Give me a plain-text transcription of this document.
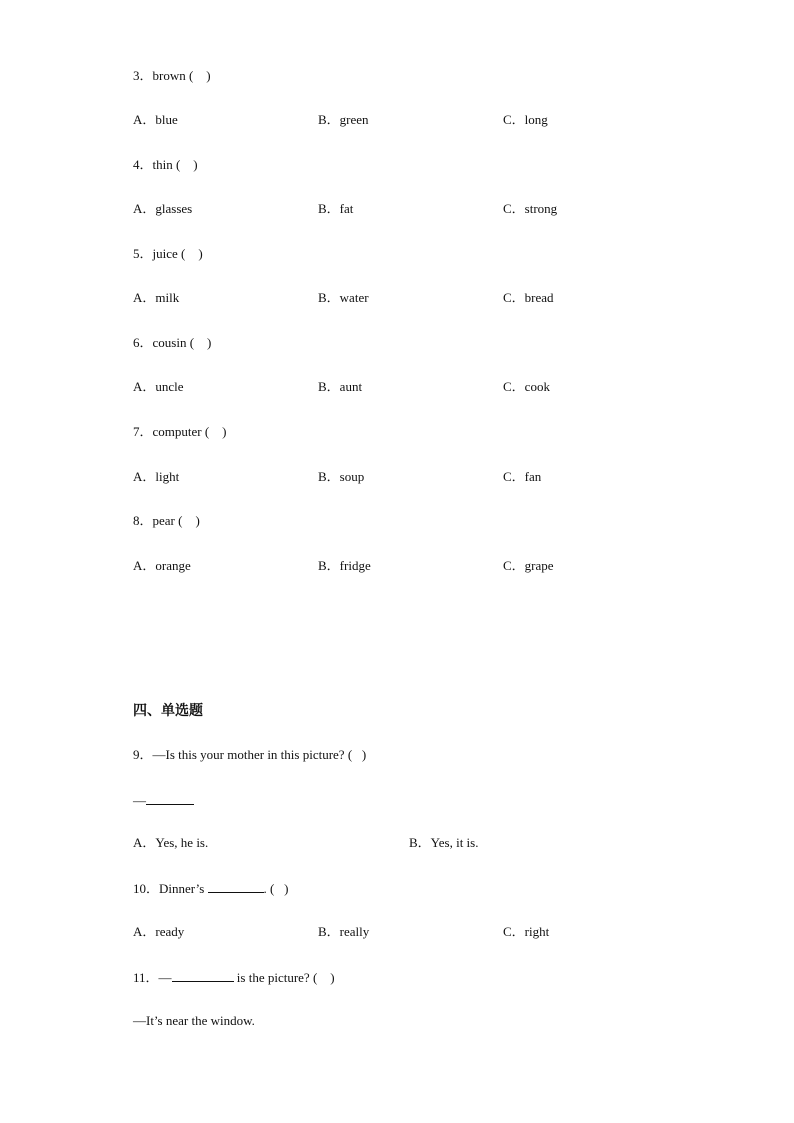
3．brown (    )
A．blue	B．green	C．long
4．thin (    )
A．glasses	B．fat	C．strong
5．juice (    )
A．milk	B．water	C．bread
6．cousin (    )
A．uncle	B．aunt	C．cook
7．computer (    )
A．light	B．soup	C．fan
8．pear (    )
A．orange	B．fridge	C．grape
四、单选题
9．—Is this your mother in this picture? (   )
—
A．Yes, he is.	B．Yes, it is.
10．Dinner’s	. (   )
A．ready	B．really	C．right
11．—	is the picture? (    )
—It’s near the window.
